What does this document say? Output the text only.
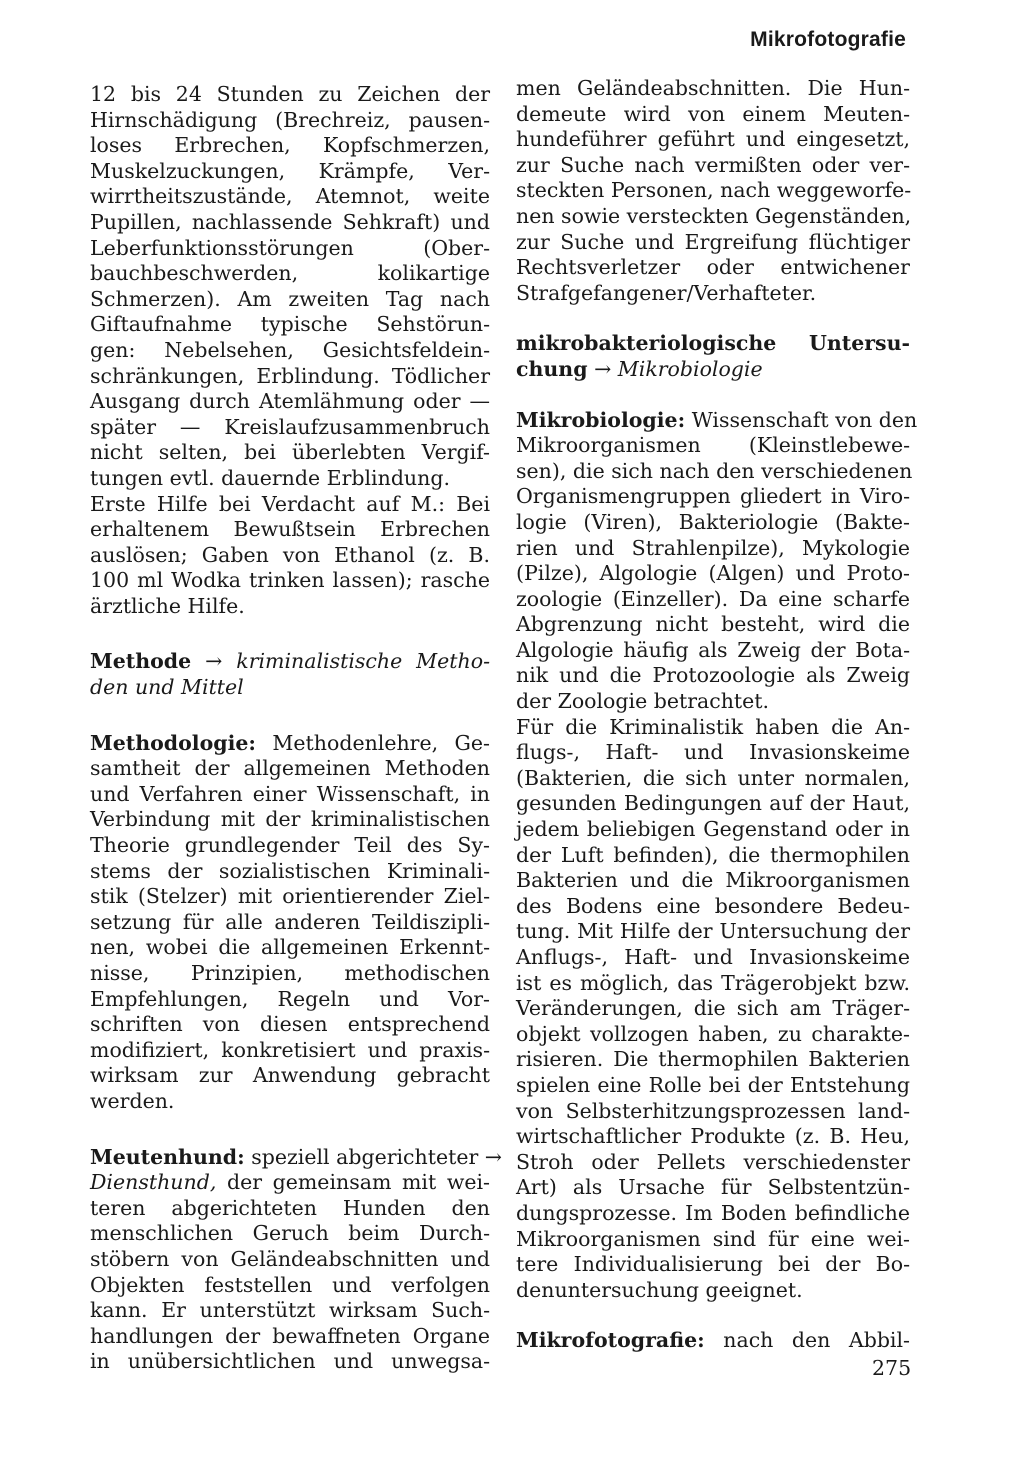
Mikrofotografie
12 bis 24 Stunden zu Zeichen der
Hirnschädigung (Brechreiz, pausen-
loses Erbrechen, Kopfschmerzen,
Muskelzuckungen, Krämpfe, Ver-
wirrtheitszustände, Atemnot, weite
Pupillen, nachlassende Sehkraft) und
Leberfunktionsstörungen (Ober-
bauchbeschwerden, kolikartige
Schmerzen). Am zweiten Tag nach
Giftaufnahme typische Sehstörun-
gen: Nebelsehen, Gesichtsfeldein-
schränkungen, Erblindung. Tödlicher
Ausgang durch Atemlähmung oder —
später — Kreislaufzusammenbruch
nicht selten, bei überlebten Vergif-
tungen evtl. dauernde Erblindung.
Erste Hilfe bei Verdacht auf M.: Bei
erhaltenem Bewußtsein Erbrechen
auslösen; Gaben von Ethanol (z. B.
100 ml Wodka trinken lassen); rasche
ärztliche Hilfe.
Methode → kriminalistische Metho-
den und Mittel
Methodologie: Methodenlehre, Ge-
samtheit der allgemeinen Methoden
und Verfahren einer Wissenschaft, in
Verbindung mit der kriminalistischen
Theorie grundlegender Teil des Sy-
stems der sozialistischen Kriminali-
stik (Stelzer) mit orientierender Ziel-
setzung für alle anderen Teildiszipli-
nen, wobei die allgemeinen Erkennt-
nisse, Prinzipien, methodischen
Empfehlungen, Regeln und Vor-
schriften von diesen entsprechend
modifiziert, konkretisiert und praxis-
wirksam zur Anwendung gebracht
werden.
Meutenhund: speziell abgerichteter →
Diensthund, der gemeinsam mit wei-
teren abgerichteten Hunden den
menschlichen Geruch beim Durch-
stöbern von Geländeabschnitten und
Objekten feststellen und verfolgen
kann. Er unterstützt wirksam Such-
handlungen der bewaffneten Organe
in unübersichtlichen und unwegsa-
men Geländeabschnitten. Die Hun-
demeute wird von einem Meuten-
hundeführer geführt und eingesetzt,
zur Suche nach vermißten oder ver-
steckten Personen, nach weggeworfe-
nen sowie versteckten Gegenständen,
zur Suche und Ergreifung flüchtiger
Rechtsverletzer oder entwichener
Strafgefangener/Verhafteter.
mikrobakteriologische Untersu-
chung → Mikrobiologie
Mikrobiologie: Wissenschaft von den
Mikroorganismen (Kleinstlebewe-
sen), die sich nach den verschiedenen
Organismengruppen gliedert in Viro-
logie (Viren), Bakteriologie (Bakte-
rien und Strahlenpilze), Mykologie
(Pilze), Algologie (Algen) und Proto-
zoologie (Einzeller). Da eine scharfe
Abgrenzung nicht besteht, wird die
Algologie häufig als Zweig der Bota-
nik und die Protozoologie als Zweig
der Zoologie betrachtet.
Für die Kriminalistik haben die An-
flugs-, Haft- und Invasionskeime
(Bakterien, die sich unter normalen,
gesunden Bedingungen auf der Haut,
jedem beliebigen Gegenstand oder in
der Luft befinden), die thermophilen
Bakterien und die Mikroorganismen
des Bodens eine besondere Bedeu-
tung. Mit Hilfe der Untersuchung der
Anflugs-, Haft- und Invasionskeime
ist es möglich, das Trägerobjekt bzw.
Veränderungen, die sich am Träger-
objekt vollzogen haben, zu charakte-
risieren. Die thermophilen Bakterien
spielen eine Rolle bei der Entstehung
von Selbsterhitzungsprozessen land-
wirtschaftlicher Produkte (z. B. Heu,
Stroh oder Pellets verschiedenster
Art) als Ursache für Selbstentzün-
dungsprozesse. Im Boden befindliche
Mikroorganismen sind für eine wei-
tere Individualisierung bei der Bo-
denuntersuchung geeignet.
Mikrofotografie: nach den Abbil-
275
